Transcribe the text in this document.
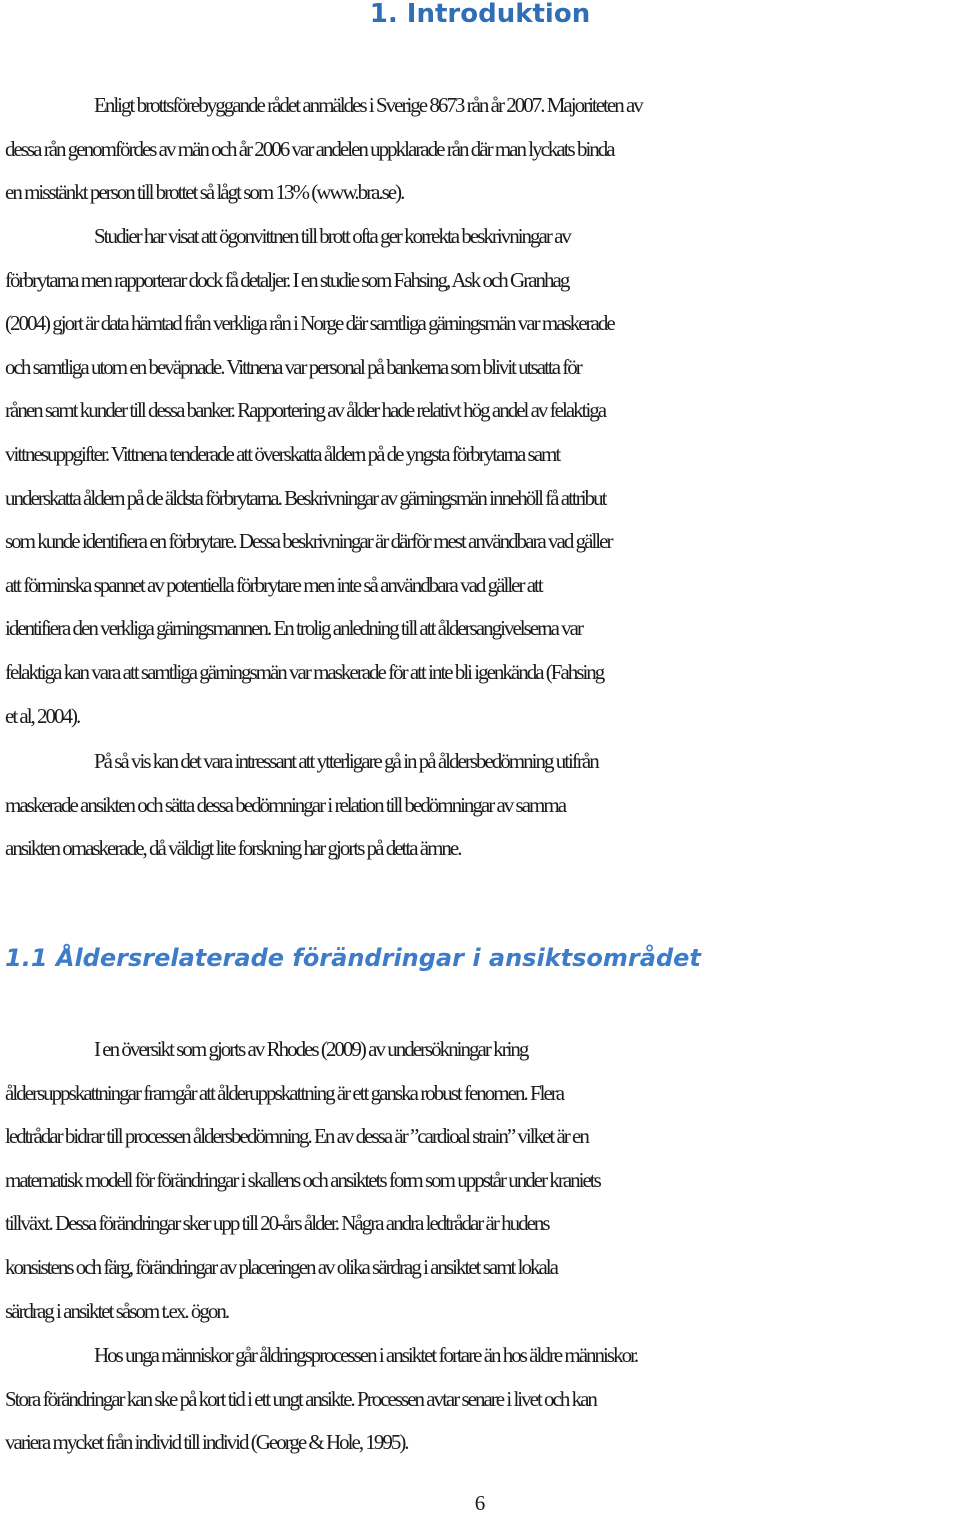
1. Introduktion
Enligt brottsförebyggande rådet anmäldes i Sverige 8673 rån år 2007. Majoriteten av
dessa rån genomfördes av män och år 2006 var andelen uppklarade rån där man lyckats binda
en misstänkt person till brottet så lågt som 13% (www.bra.se).
Studier har visat att ögonvittnen till brott ofta ger korrekta beskrivningar av
förbrytarna men rapporterar dock få detaljer. I en studie som Fahsing, Ask och Granhag
(2004) gjort är data hämtad från verkliga rån i Norge där samtliga gärningsmän var maskerade
och samtliga utom en beväpnade. Vittnena var personal på bankerna som blivit utsatta för
rånen samt kunder till dessa banker. Rapportering av ålder hade relativt hög andel av felaktiga
vittnesuppgifter. Vittnena tenderade att överskatta åldern på de yngsta förbrytarna samt
underskatta åldern på de äldsta förbrytarna. Beskrivningar av gärningsmän innehöll få attribut
som kunde identifiera en förbrytare. Dessa beskrivningar är därför mest användbara vad gäller
att förminska spannet av potentiella förbrytare men inte så användbara vad gäller att
identifiera den verkliga gärningsmannen. En trolig anledning till att åldersangivelserna var
felaktiga kan vara att samtliga gärningsmän var maskerade för att inte bli igenkända (Fahsing
et al, 2004).
På så vis kan det vara intressant att ytterligare gå in på åldersbedömning utifrån
maskerade ansikten och sätta dessa bedömningar i relation till bedömningar av samma
ansikten omaskerade, då väldigt lite forskning har gjorts på detta ämne.
1.1 Åldersrelaterade förändringar i ansiktsområdet
I en översikt som gjorts av Rhodes (2009) av undersökningar kring
åldersuppskattningar framgår att ålderuppskattning är ett ganska robust fenomen. Flera
ledtrådar bidrar till processen åldersbedömning. En av dessa är ”cardioal strain” vilket är en
matematisk modell för förändringar i skallens och ansiktets form som uppstår under kraniets
tillväxt. Dessa förändringar sker upp till 20-års ålder. Några andra ledtrådar är hudens
konsistens och färg, förändringar av placeringen av olika särdrag i ansiktet samt lokala
särdrag i ansiktet såsom t.ex. ögon.
Hos unga människor går åldringsprocessen i ansiktet fortare än hos äldre människor.
Stora förändringar kan ske på kort tid i ett ungt ansikte. Processen avtar senare i livet och kan
variera mycket från individ till individ (George & Hole, 1995).
6
